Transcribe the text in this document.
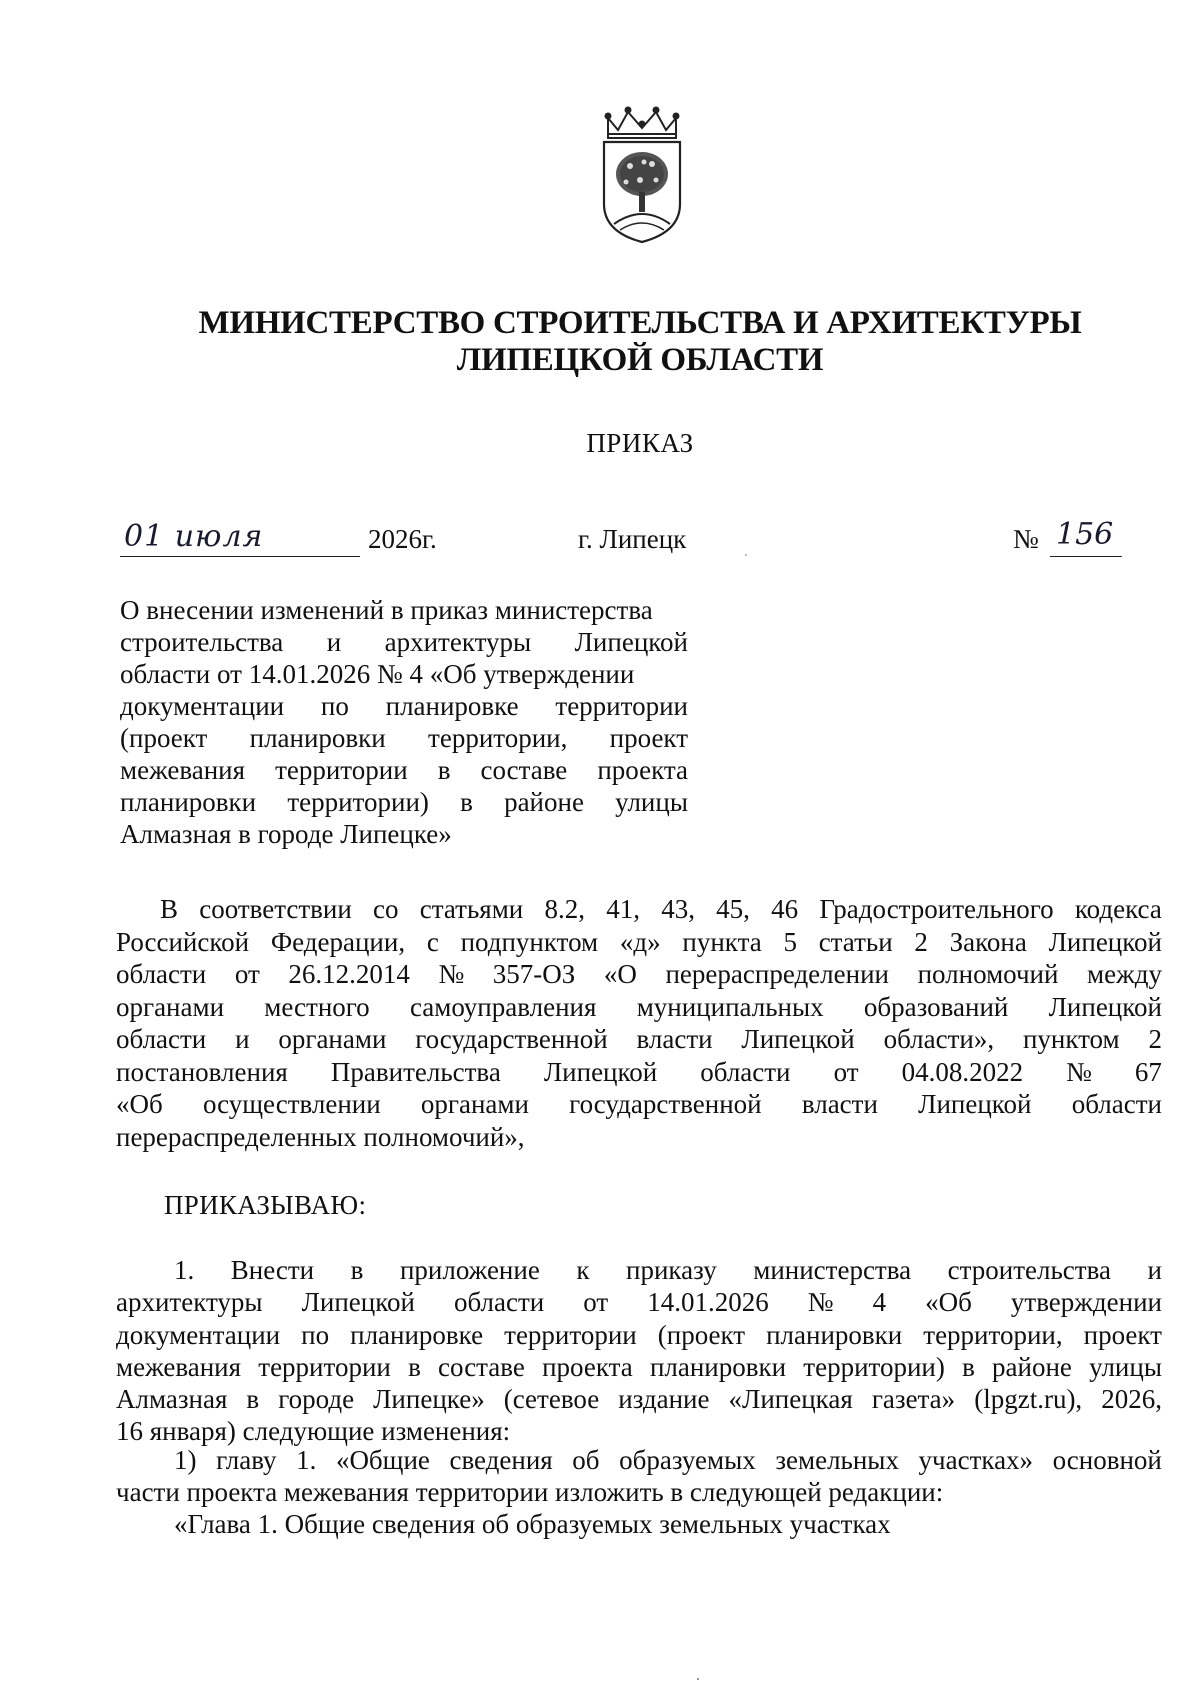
МИНИСТЕРСТВО СТРОИТЕЛЬСТВА И АРХИТЕКТУРЫ
ЛИПЕЦКОЙ ОБЛАСТИ
ПРИКАЗ
01 июля	2026г.	г. Липецк	№ 156
О внесении изменений в приказ министерства
строительства и архитектуры Липецкой
области от 14.01.2026 № 4 «Об утверждении
документации по планировке территории
(проект планировки территории, проект
межевания территории в составе проекта
планировки территории) в районе улицы
Алмазная в городе Липецке»
В соответствии со статьями 8.2, 41, 43, 45, 46 Градостроительного кодекса
Российской Федерации, с подпунктом «д» пункта 5 статьи 2 Закона Липецкой
области от 26.12.2014 № 357-ОЗ «О перераспределении полномочий между
органами местного самоуправления муниципальных образований Липецкой
области и органами государственной власти Липецкой области», пунктом 2
постановления Правительства Липецкой области от 04.08.2022 № 67
«Об осуществлении органами государственной власти Липецкой области
перераспределенных полномочий»,
ПРИКАЗЫВАЮ:
1. Внести в приложение к приказу министерства строительства и
архитектуры Липецкой области от 14.01.2026 № 4 «Об утверждении
документации по планировке территории (проект планировки территории, проект
межевания территории в составе проекта планировки территории) в районе улицы
Алмазная в городе Липецке» (сетевое издание «Липецкая газета» (lpgzt.ru), 2026,
16 января) следующие изменения:
1) главу 1. «Общие сведения об образуемых земельных участках» основной
части проекта межевания территории изложить в следующей редакции:
«Глава 1. Общие сведения об образуемых земельных участках
